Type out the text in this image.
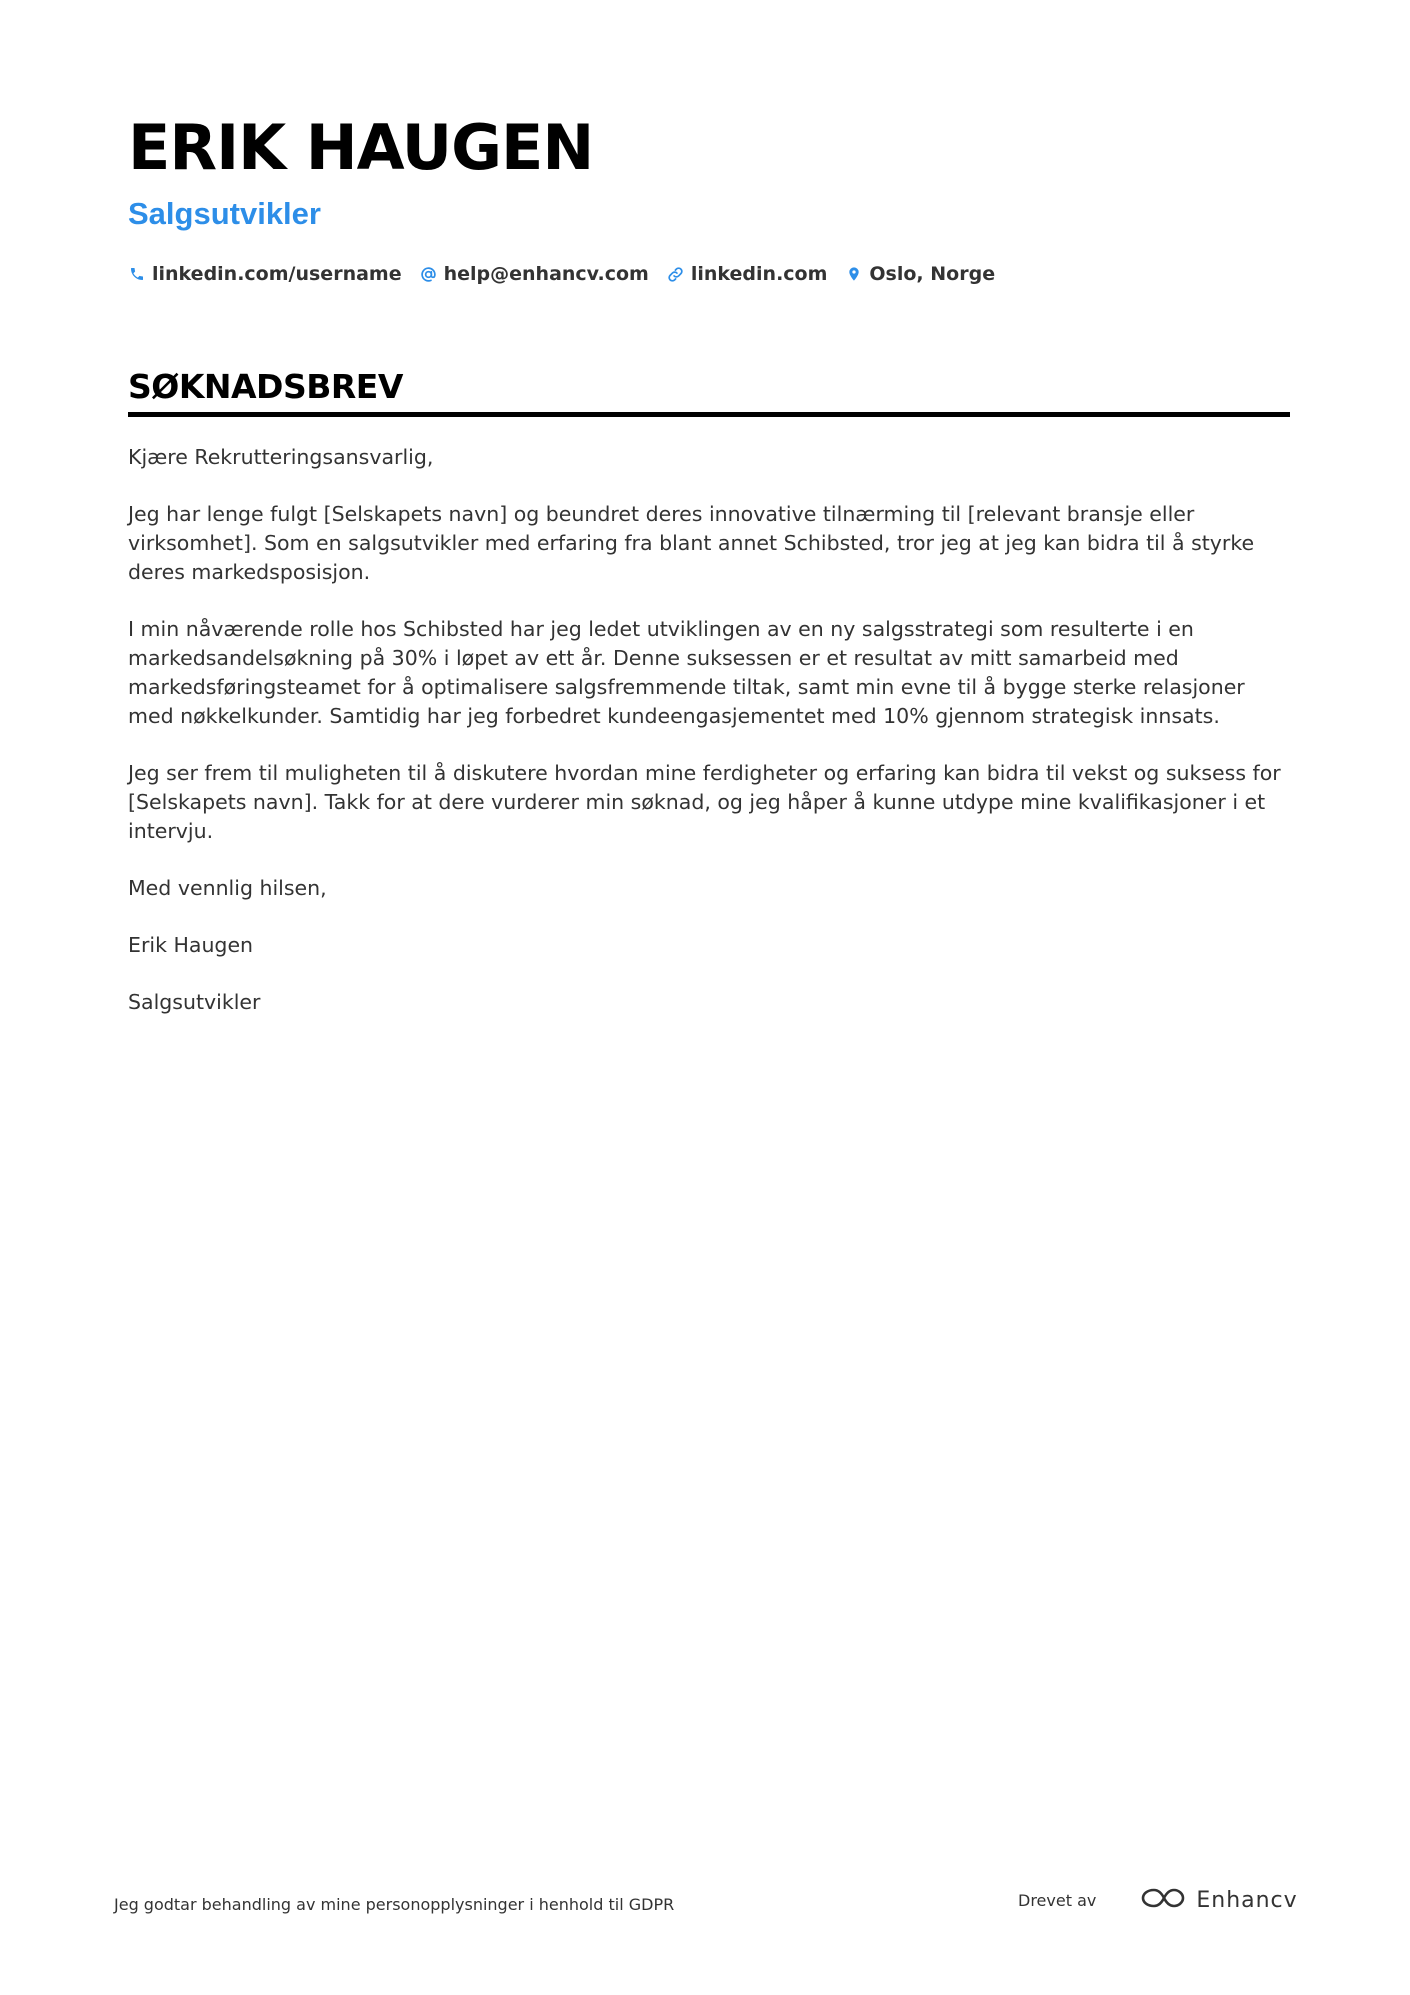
ERIK HAUGEN
Salgsutvikler
linkedin.com/username help@enhancv.com linkedin.com Oslo, Norge
SØKNADSBREV

Kjære Rekrutteringsansvarlig,

Jeg har lenge fulgt [Selskapets navn] og beundret deres innovative tilnærming til [relevant bransje eller virksomhet]. Som en salgsutvikler med erfaring fra blant annet Schibsted, tror jeg at jeg kan bidra til å styrke deres markedsposisjon.

I min nåværende rolle hos Schibsted har jeg ledet utviklingen av en ny salgsstrategi som resulterte i en markedsandelsøkning på 30% i løpet av ett år. Denne suksessen er et resultat av mitt samarbeid med markedsføringsteamet for å optimalisere salgsfremmende tiltak, samt min evne til å bygge sterke relasjoner med nøkkelkunder. Samtidig har jeg forbedret kundeengasjementet med 10% gjennom strategisk innsats.

Jeg ser frem til muligheten til å diskutere hvordan mine ferdigheter og erfaring kan bidra til vekst og suksess for [Selskapets navn]. Takk for at dere vurderer min søknad, og jeg håper å kunne utdype mine kvalifikasjoner i et intervju.

Med vennlig hilsen,

Erik Haugen

Salgsutvikler

Jeg godtar behandling av mine personopplysninger i henhold til GDPR	Drevet av	Enhancv
